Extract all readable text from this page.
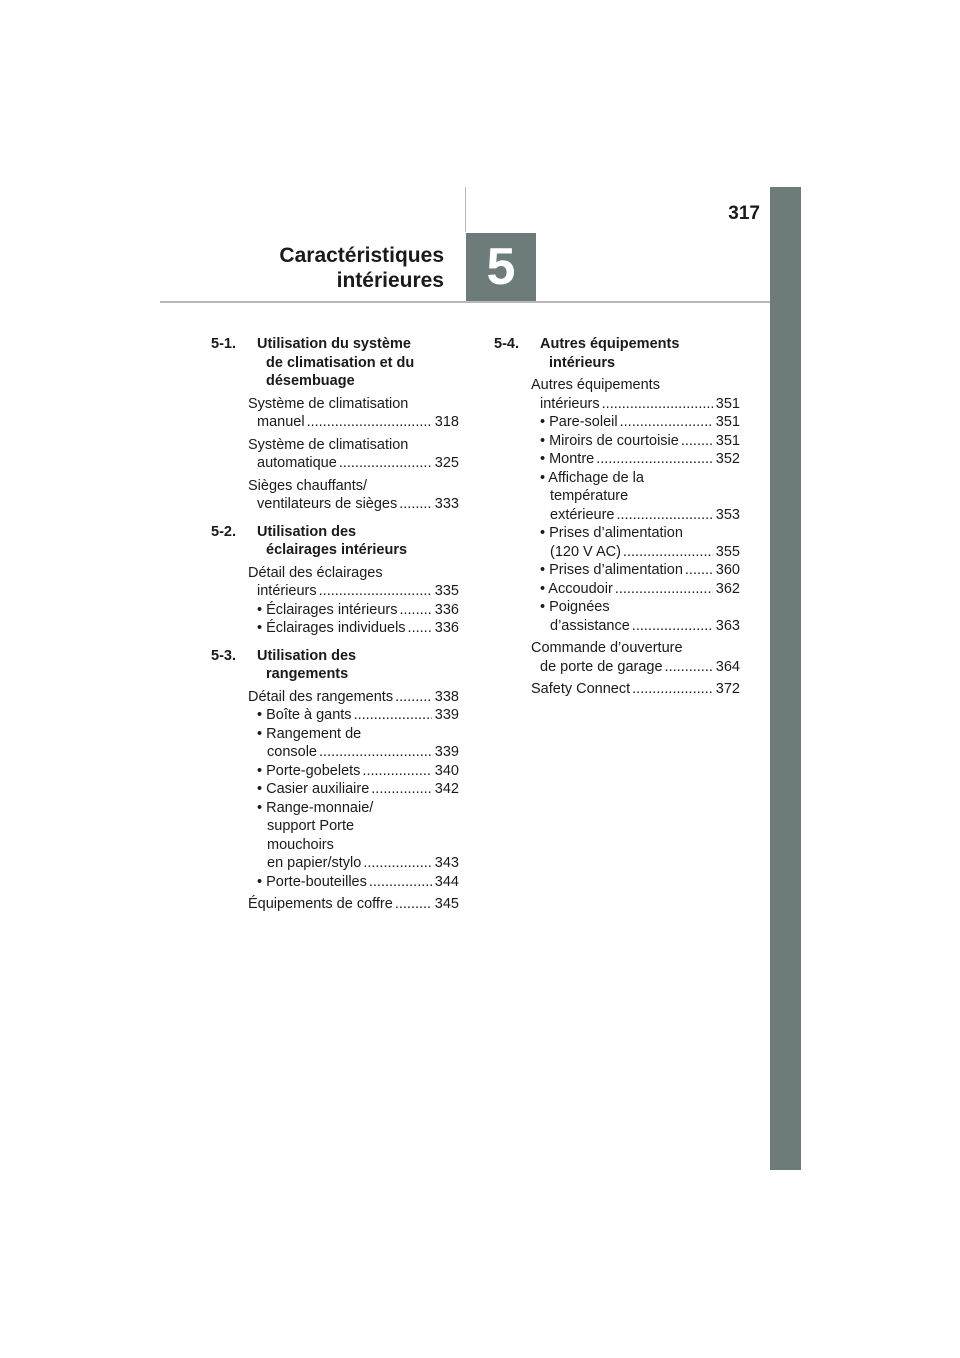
5
317
Caractéristiques
intérieures
5-1.	Utilisation du système
de climatisation et du
désembuage
Système de climatisation
manuel .....	318
Système de climatisation
automatique .....	325
Sièges chauffants/
ventilateurs de sièges .....	333
5-2.	Utilisation des
éclairages intérieurs
Détail des éclairages
intérieurs .....	335
• Éclairages intérieurs .....	336
• Éclairages individuels ..... 336
5-3.	Utilisation des
rangements
Détail des rangements .....	338
• Boîte à gants .....	339
• Rangement de
console .....	339
• Porte-gobelets .....	340
• Casier auxiliaire .....	342
• Range-monnaie/
support Porte
mouchoirs
en papier/stylo .....	343
• Porte-bouteilles .....	344
Équipements de coffre .....	345
5-4.	Autres équipements
intérieurs
Autres équipements
intérieurs .....	351
• Pare-soleil .....	351
• Miroirs de courtoisie .....	351
• Montre .....	352
• Affichage de la
température
extérieure .....	353
• Prises d’alimentation
(120 V AC) .....	355
• Prises d’alimentation ..... 360
• Accoudoir .....	362
• Poignées
d’assistance .....	363
Commande d’ouverture
de porte de garage .....	364
Safety Connect .....	372
